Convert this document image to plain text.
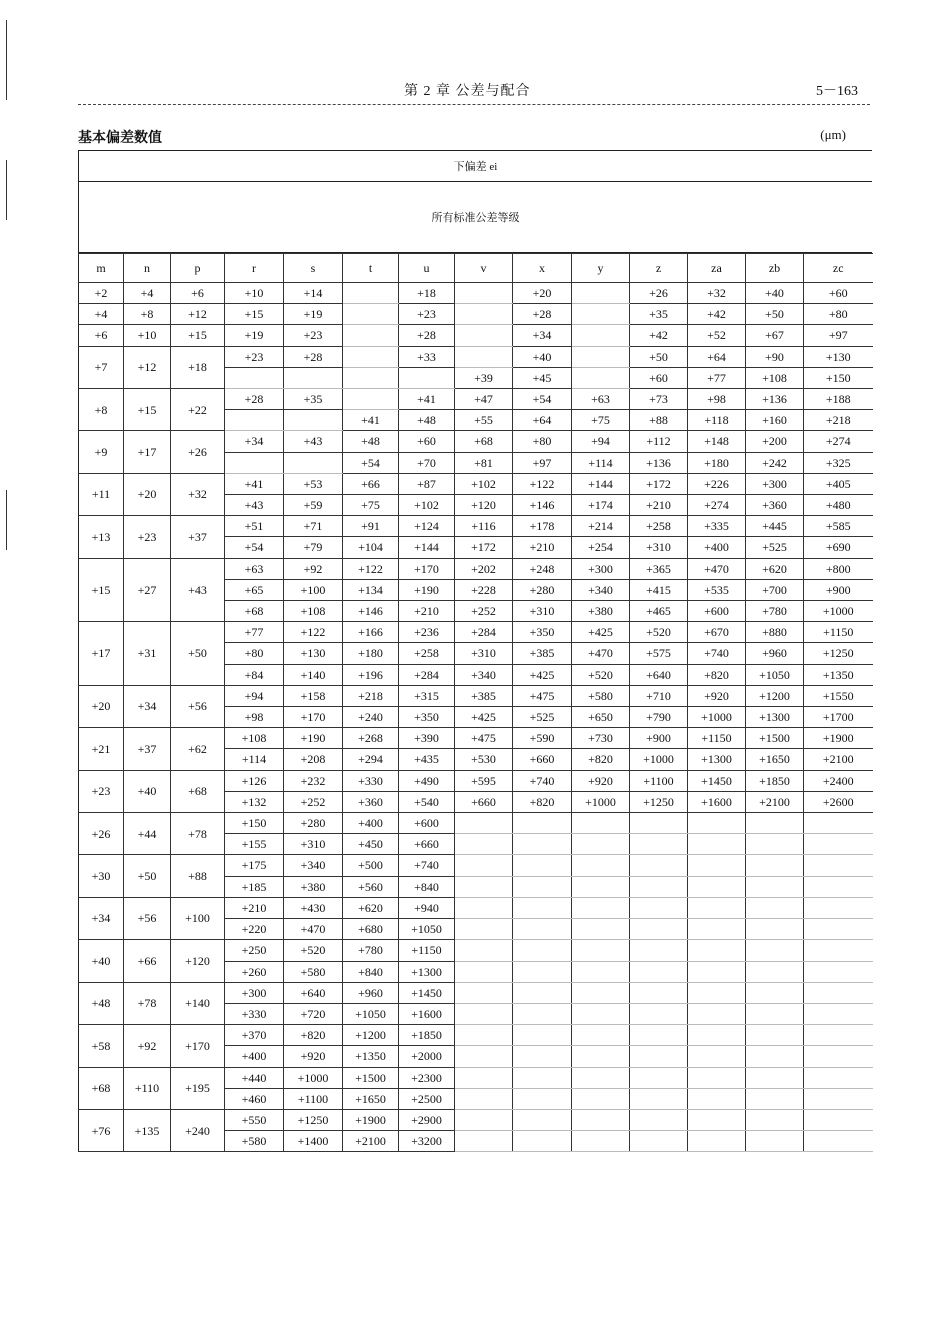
第 2 章 公差与配合	5－163
基本偏差数值	(μm)
下偏差 ei
所有标准公差等级
m	n	p	r	s	t	u	v	x	y	z	za	zb	zc
+2	+4	+6	+10	+14		+18		+20		+26	+32	+40	+60
+4	+8	+12	+15	+19		+23		+28		+35	+42	+50	+80
+6	+10	+15	+19	+23		+28		+34		+42	+52	+67	+97
+7	+12	+18	+23	+28		+33		+40		+50	+64	+90	+130
							+39	+45		+60	+77	+108	+150
+8	+15	+22	+28	+35		+41	+47	+54	+63	+73	+98	+136	+188
					+41	+48	+55	+64	+75	+88	+118	+160	+218
+9	+17	+26	+34	+43	+48	+60	+68	+80	+94	+112	+148	+200	+274
					+54	+70	+81	+97	+114	+136	+180	+242	+325
+11	+20	+32	+41	+53	+66	+87	+102	+122	+144	+172	+226	+300	+405
			+43	+59	+75	+102	+120	+146	+174	+210	+274	+360	+480
+13	+23	+37	+51	+71	+91	+124	+116	+178	+214	+258	+335	+445	+585
			+54	+79	+104	+144	+172	+210	+254	+310	+400	+525	+690
+15	+27	+43	+63	+92	+122	+170	+202	+248	+300	+365	+470	+620	+800
			+65	+100	+134	+190	+228	+280	+340	+415	+535	+700	+900
			+68	+108	+146	+210	+252	+310	+380	+465	+600	+780	+1000
+17	+31	+50	+77	+122	+166	+236	+284	+350	+425	+520	+670	+880	+1150
			+80	+130	+180	+258	+310	+385	+470	+575	+740	+960	+1250
			+84	+140	+196	+284	+340	+425	+520	+640	+820	+1050	+1350
+20	+34	+56	+94	+158	+218	+315	+385	+475	+580	+710	+920	+1200	+1550
			+98	+170	+240	+350	+425	+525	+650	+790	+1000	+1300	+1700
+21	+37	+62	+108	+190	+268	+390	+475	+590	+730	+900	+1150	+1500	+1900
			+114	+208	+294	+435	+530	+660	+820	+1000	+1300	+1650	+2100
+23	+40	+68	+126	+232	+330	+490	+595	+740	+920	+1100	+1450	+1850	+2400
			+132	+252	+360	+540	+660	+820	+1000	+1250	+1600	+2100	+2600
+26	+44	+78	+150	+280	+400	+600							
			+155	+310	+450	+660							
+30	+50	+88	+175	+340	+500	+740							
			+185	+380	+560	+840							
+34	+56	+100	+210	+430	+620	+940							
			+220	+470	+680	+1050							
+40	+66	+120	+250	+520	+780	+1150							
			+260	+580	+840	+1300							
+48	+78	+140	+300	+640	+960	+1450							
			+330	+720	+1050	+1600							
+58	+92	+170	+370	+820	+1200	+1850							
			+400	+920	+1350	+2000							
+68	+110	+195	+440	+1000	+1500	+2300							
			+460	+1100	+1650	+2500							
+76	+135	+240	+550	+1250	+1900	+2900							
			+580	+1400	+2100	+3200							
